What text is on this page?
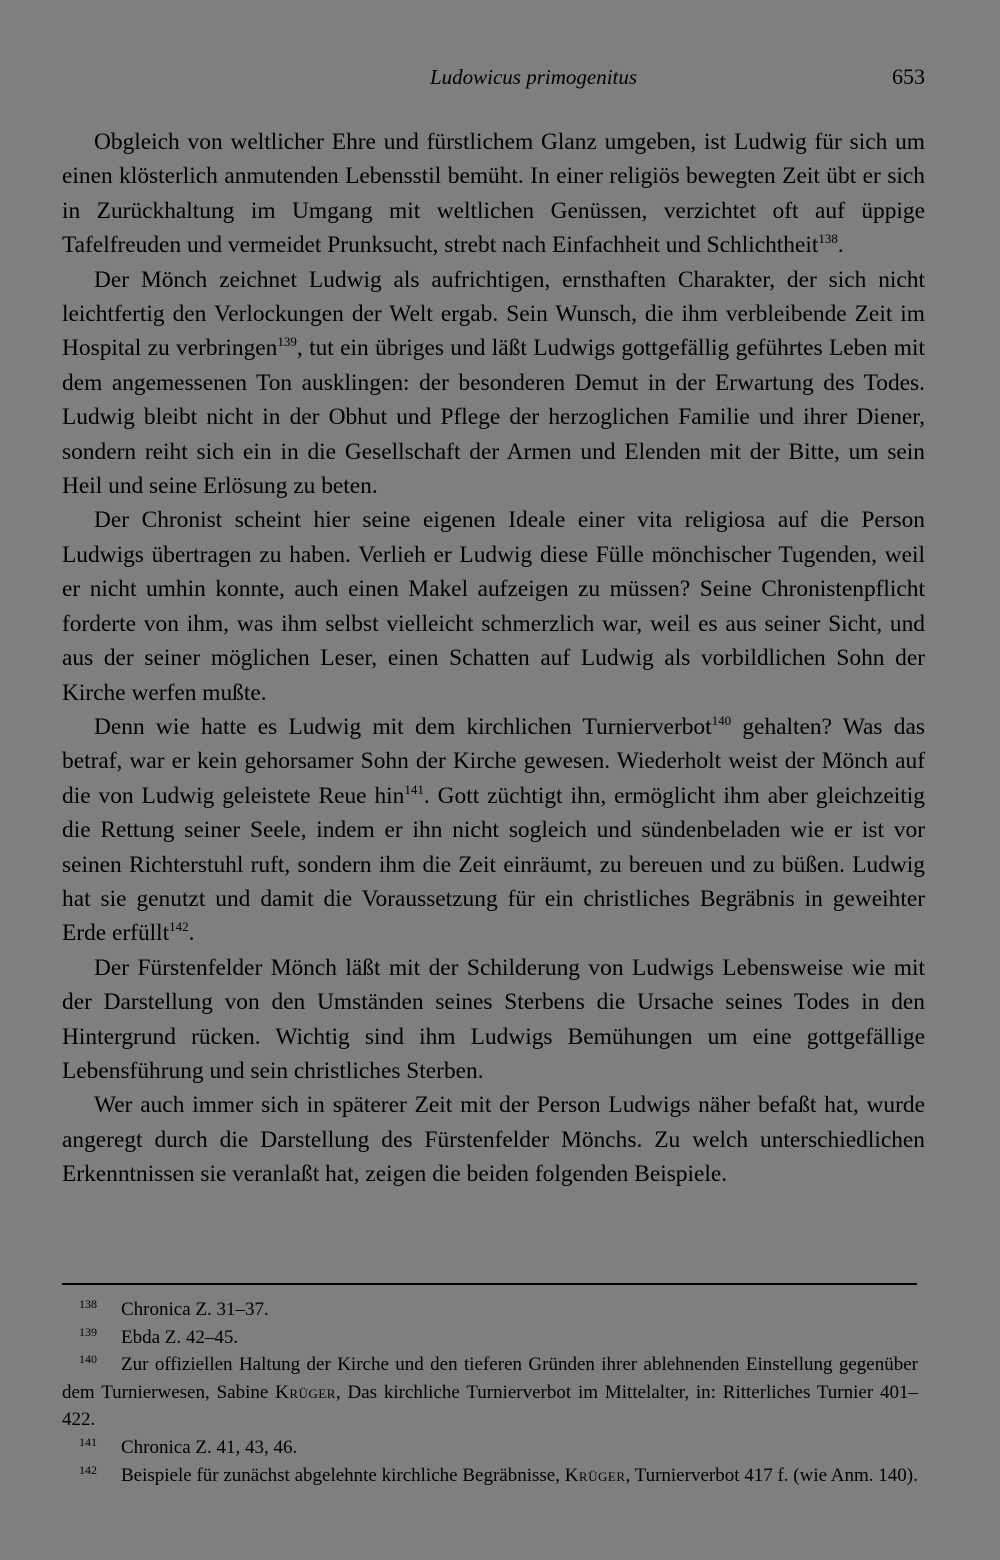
Ludowicus primogenitus	653

Obgleich von weltlicher Ehre und fürstlichem Glanz umgeben, ist Ludwig für sich um einen klösterlich anmutenden Lebensstil bemüht. In einer religiös bewegten Zeit übt er sich in Zurückhaltung im Umgang mit weltlichen Genüssen, verzichtet oft auf üppige Tafelfreuden und vermeidet Prunksucht, strebt nach Einfachheit und Schlichtheit$^{138}$.

Der Mönch zeichnet Ludwig als aufrichtigen, ernsthaften Charakter, der sich nicht leichtfertig den Verlockungen der Welt ergab. Sein Wunsch, die ihm verbleibende Zeit im Hospital zu verbringen$^{139}$, tut ein übriges und läßt Ludwigs gottgefällig geführtes Leben mit dem angemessenen Ton ausklingen: der besonderen Demut in der Erwartung des Todes. Ludwig bleibt nicht in der Obhut und Pflege der herzoglichen Familie und ihrer Diener, sondern reiht sich ein in die Gesellschaft der Armen und Elenden mit der Bitte, um sein Heil und seine Erlösung zu beten.

Der Chronist scheint hier seine eigenen Ideale einer vita religiosa auf die Person Ludwigs übertragen zu haben. Verlieh er Ludwig diese Fülle mönchischer Tugenden, weil er nicht umhin konnte, auch einen Makel aufzeigen zu müssen? Seine Chronistenpflicht forderte von ihm, was ihm selbst vielleicht schmerzlich war, weil es aus seiner Sicht, und aus der seiner möglichen Leser, einen Schatten auf Ludwig als vorbildlichen Sohn der Kirche werfen mußte.

Denn wie hatte es Ludwig mit dem kirchlichen Turnierverbot$^{140}$ gehalten? Was das betraf, war er kein gehorsamer Sohn der Kirche gewesen. Wiederholt weist der Mönch auf die von Ludwig geleistete Reue hin$^{141}$. Gott züchtigt ihn, ermöglicht ihm aber gleichzeitig die Rettung seiner Seele, indem er ihn nicht sogleich und sündenbeladen wie er ist vor seinen Richterstuhl ruft, sondern ihm die Zeit einräumt, zu bereuen und zu büßen. Ludwig hat sie genutzt und damit die Voraussetzung für ein christliches Begräbnis in geweihter Erde erfüllt$^{142}$.

Der Fürstenfelder Mönch läßt mit der Schilderung von Ludwigs Lebensweise wie mit der Darstellung von den Umständen seines Sterbens die Ursache seines Todes in den Hintergrund rücken. Wichtig sind ihm Ludwigs Bemühungen um eine gottgefällige Lebensführung und sein christliches Sterben.

Wer auch immer sich in späterer Zeit mit der Person Ludwigs näher befaßt hat, wurde angeregt durch die Darstellung des Fürstenfelder Mönchs. Zu welch unterschiedlichen Erkenntnissen sie veranlaßt hat, zeigen die beiden folgenden Beispiele.

$^{138}$ Chronica Z. 31–37.

$^{139}$ Ebda Z. 42–45.

$^{140}$ Zur offiziellen Haltung der Kirche und den tieferen Gründen ihrer ablehnenden Einstellung gegenüber dem Turnierwesen, Sabine Krüger, Das kirchliche Turnierverbot im Mittelalter, in: Ritterliches Turnier 401–422.

$^{141}$ Chronica Z. 41, 43, 46.

$^{142}$ Beispiele für zunächst abgelehnte kirchliche Begräbnisse, Krüger, Turnierverbot 417 f. (wie Anm. 140).
